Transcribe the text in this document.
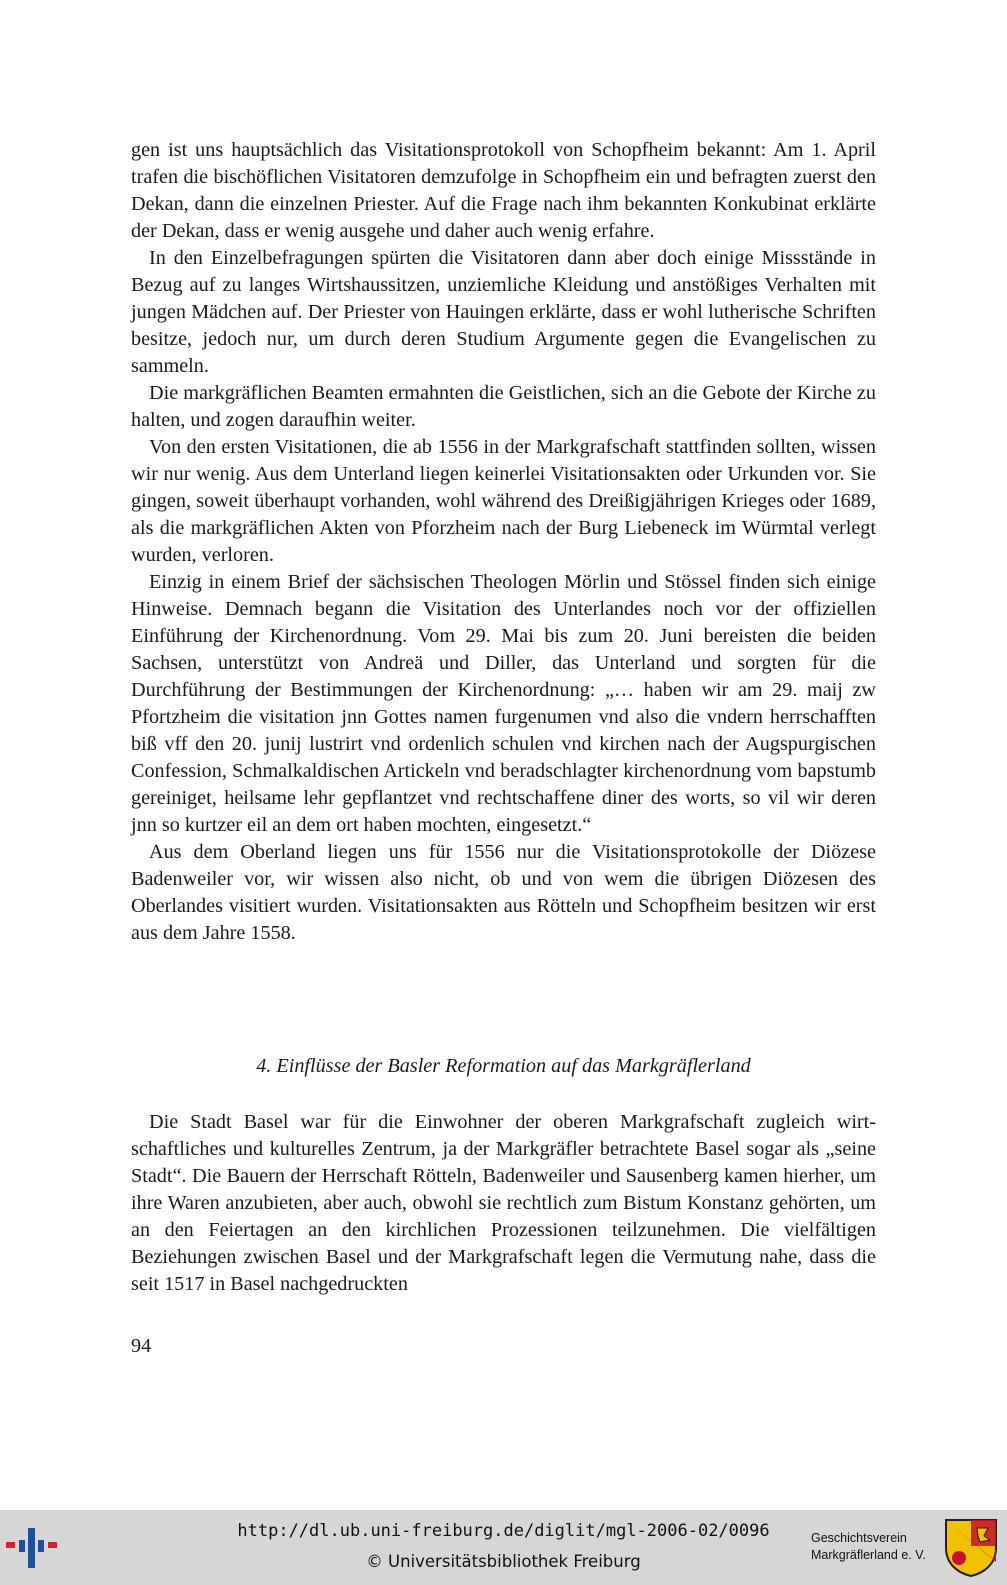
gen ist uns hauptsächlich das Visitationsprotokoll von Schopfheim bekannt: Am 1. April trafen die bischöflichen Visitatoren demzufolge in Schopfheim ein und befragten zuerst den Dekan, dann die einzelnen Priester. Auf die Frage nach ihm bekannten Konkubinat erklärte der Dekan, dass er wenig ausgehe und daher auch wenig erfahre.

In den Einzelbefragungen spürten die Visitatoren dann aber doch einige Missstände in Bezug auf zu langes Wirtshaussitzen, unziemliche Kleidung und anstößiges Verhalten mit jungen Mädchen auf. Der Priester von Hauingen erklärte, dass er wohl lutherische Schriften besitze, jedoch nur, um durch deren Studium Argumente gegen die Evangelischen zu sammeln.

Die markgräflichen Beamten ermahnten die Geistlichen, sich an die Gebote der Kirche zu halten, und zogen daraufhin weiter.

Von den ersten Visitationen, die ab 1556 in der Markgrafschaft stattfinden sollten, wissen wir nur wenig. Aus dem Unterland liegen keinerlei Visitationsakten oder Urkunden vor. Sie gingen, soweit überhaupt vorhanden, wohl während des Dreißigjährigen Krieges oder 1689, als die markgräflichen Akten von Pforzheim nach der Burg Liebeneck im Würmtal verlegt wurden, verloren.

Einzig in einem Brief der sächsischen Theologen Mörlin und Stössel finden sich einige Hinweise. Demnach begann die Visitation des Unterlandes noch vor der offiziellen Einführung der Kirchenordnung. Vom 29. Mai bis zum 20. Juni bereisten die beiden Sachsen, unterstützt von Andreä und Diller, das Unterland und sorgten für die Durchführung der Bestimmungen der Kirchenordnung: „… haben wir am 29. maij zw Pfortzheim die visitation jnn Gottes namen furgenumen vnd also die vndern herrschafften biß vff den 20. junij lustrirt vnd ordenlich schulen vnd kirchen nach der Augspurgischen Confession, Schmalkaldischen Artickeln vnd beradschlagter kirchenordnung vom bapstumb gereiniget, heilsame lehr gepflantzet vnd rechtschaffene diner des worts, so vil wir deren jnn so kurtzer eil an dem ort haben mochten, eingesetzt.“

Aus dem Oberland liegen uns für 1556 nur die Visitationsprotokolle der Diözese Badenweiler vor, wir wissen also nicht, ob und von wem die übrigen Diözesen des Oberlandes visitiert wurden. Visitationsakten aus Rötteln und Schopfheim besitzen wir erst aus dem Jahre 1558.

4. Einflüsse der Basler Reformation auf das Markgräflerland

Die Stadt Basel war für die Einwohner der oberen Markgrafschaft zugleich wirtschaftliches und kulturelles Zentrum, ja der Markgräfler betrachtete Basel sogar als „seine Stadt“. Die Bauern der Herrschaft Rötteln, Badenweiler und Sausenberg kamen hierher, um ihre Waren anzubieten, aber auch, obwohl sie rechtlich zum Bistum Konstanz gehörten, um an den Feiertagen an den kirchlichen Prozessionen teilzunehmen. Die vielfältigen Beziehungen zwischen Basel und der Markgrafschaft legen die Vermutung nahe, dass die seit 1517 in Basel nachgedruckten

94
http://dl.ub.uni-freiburg.de/diglit/mgl-2006-02/0096
© Universitätsbibliothek Freiburg
Geschichtsverein
Markgräflerland e. V.
